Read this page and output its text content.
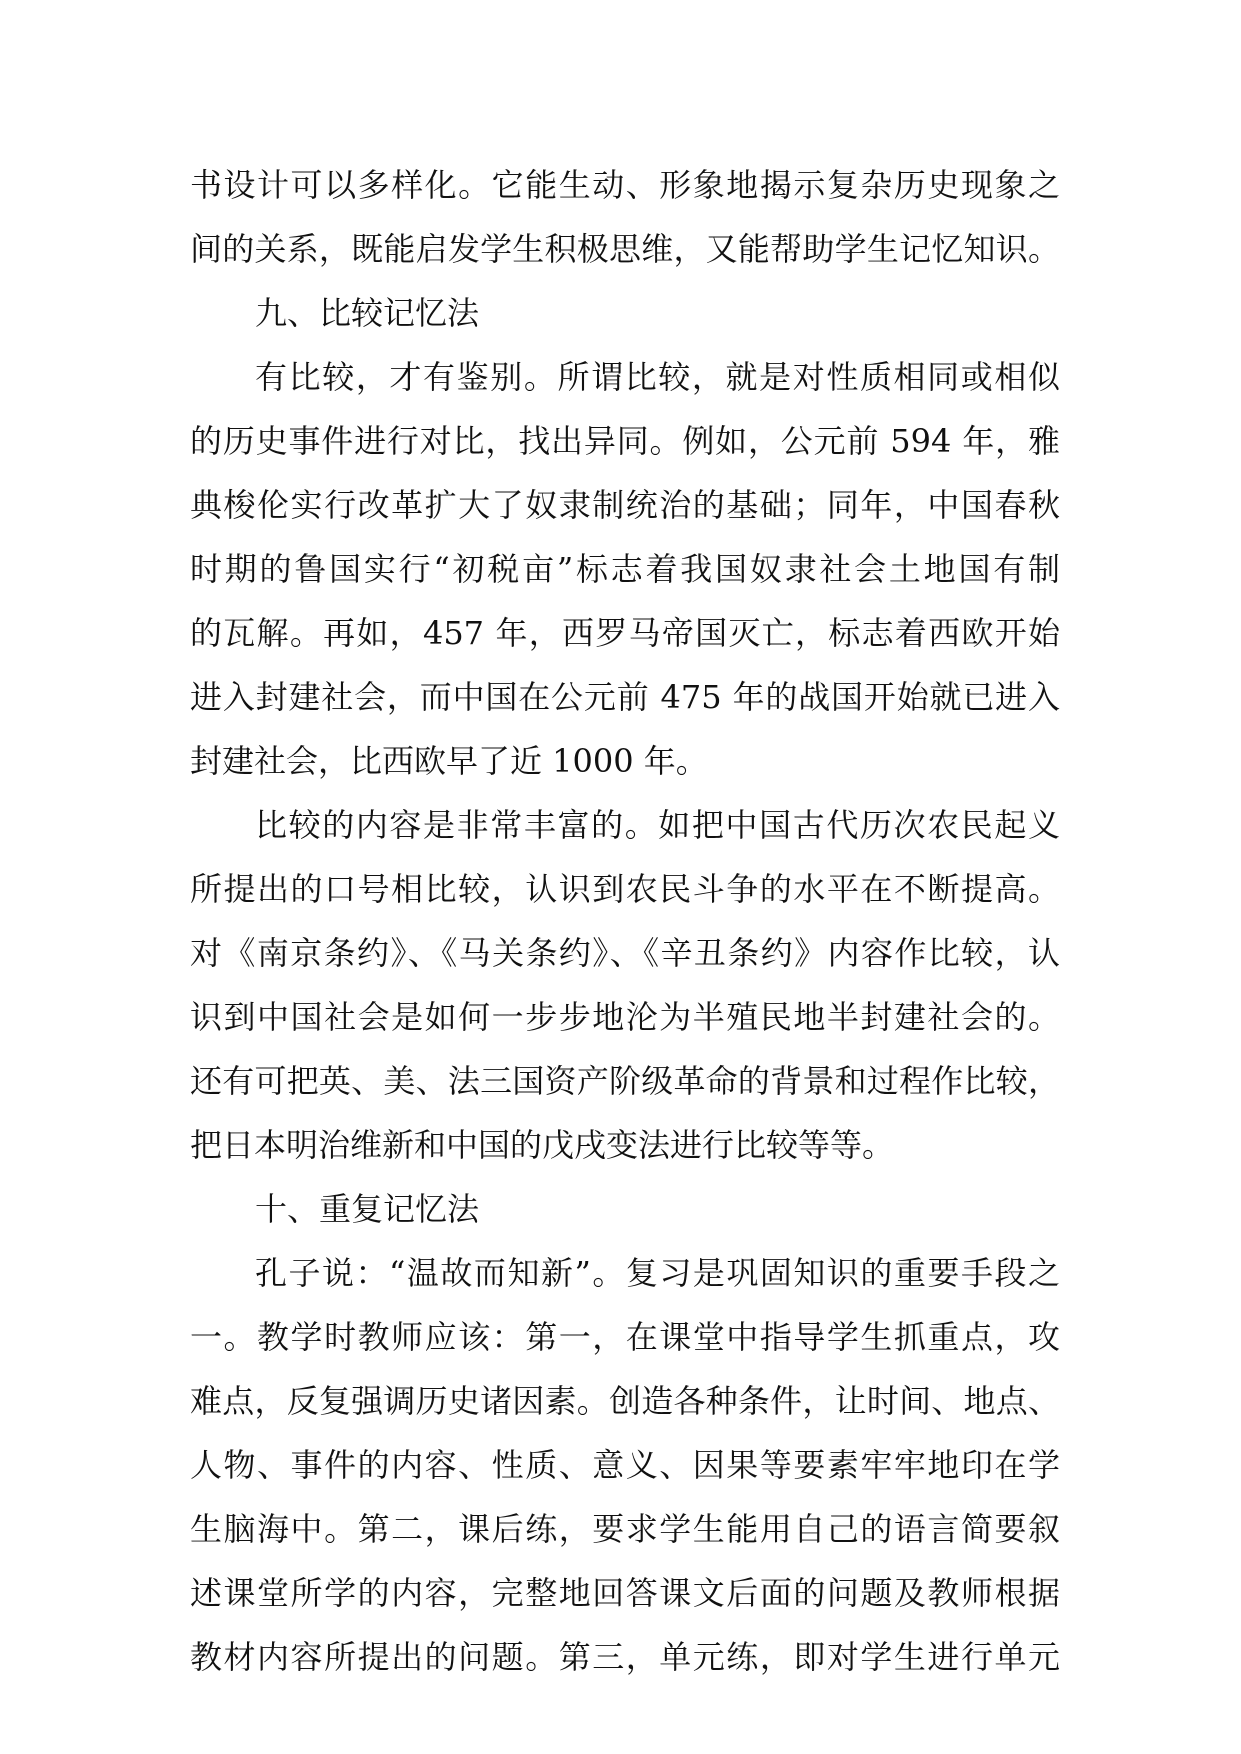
书设计可以多样化。它能生动、形象地揭示复杂历史现象之
间的关系，既能启发学生积极思维，又能帮助学生记忆知识。
九、比较记忆法
有比较，才有鉴别。所谓比较，就是对性质相同或相似
的历史事件进行对比，找出异同。例如，公元前 594 年，雅
典梭伦实行改革扩大了奴隶制统治的基础；同年，中国春秋
时期的鲁国实行“初税亩”标志着我国奴隶社会土地国有制
的瓦解。再如，457 年，西罗马帝国灭亡，标志着西欧开始
进入封建社会，而中国在公元前 475 年的战国开始就已进入
封建社会，比西欧早了近 1000 年。
比较的内容是非常丰富的。如把中国古代历次农民起义
所提出的口号相比较，认识到农民斗争的水平在不断提高。
对《南京条约》、《马关条约》、《辛丑条约》内容作比较，认
识到中国社会是如何一步步地沦为半殖民地半封建社会的。
还有可把英、美、法三国资产阶级革命的背景和过程作比较，
把日本明治维新和中国的戊戌变法进行比较等等。
十、重复记忆法
孔子说：“温故而知新”。复习是巩固知识的重要手段之
一。教学时教师应该：第一，在课堂中指导学生抓重点，攻
难点，反复强调历史诸因素。创造各种条件，让时间、地点、
人物、事件的内容、性质、意义、因果等要素牢牢地印在学
生脑海中。第二，课后练，要求学生能用自己的语言简要叙
述课堂所学的内容，完整地回答课文后面的问题及教师根据
教材内容所提出的问题。第三，单元练，即对学生进行单元
